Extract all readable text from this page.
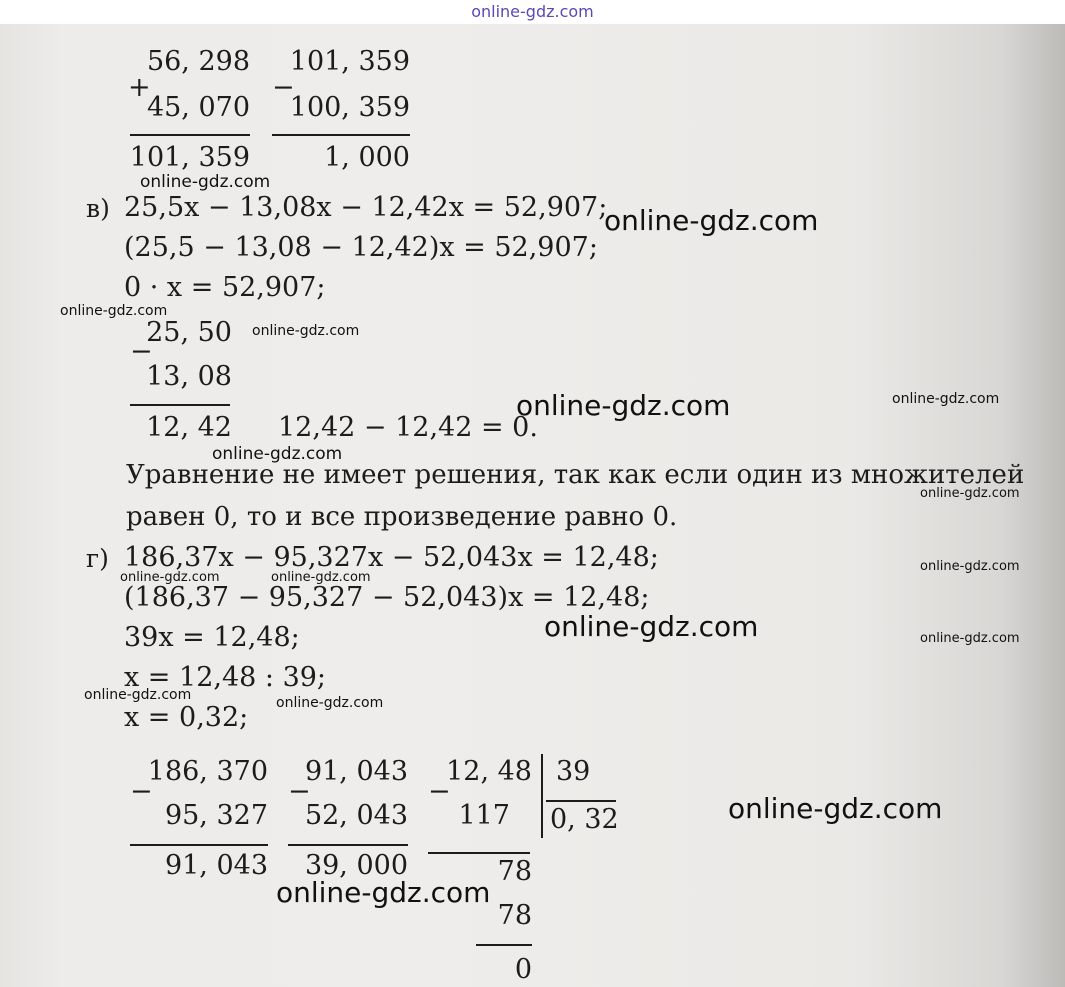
online-gdz.com
+
56, 298
45, 070
101, 359
−
101, 359
100, 359
1, 000
в) 25,5x − 13,08x − 12,42x = 52,907;
(25,5 − 13,08 − 12,42)x = 52,907;
0 · x = 52,907;
−
25, 50
13, 08
12, 42 12,42 − 12,42 = 0.
Уравнение не имеет решения, так как если один из множителей
равен 0, то и все произведение равно 0.
г) 186,37x − 95,327x − 52,043x = 12,48;
(186,37 − 95,327 − 52,043)x = 12,48;
39x = 12,48;
x = 12,48 : 39;
x = 0,32;
−
186, 370
95, 327
91, 043
−
91, 043
52, 043
39, 000
−
12, 48
117
78
78
0
39
0, 32
online-gdz.com
online-gdz.com
online-gdz.com
online-gdz.com
online-gdz.com	online-gdz.com
online-gdz.com
online-gdz.com
online-gdz.com	online-gdz.com
online-gdz.com
online-gdz.com	online-gdz.com
online-gdz.com	online-gdz.com
online-gdz.com
online-gdz.com
